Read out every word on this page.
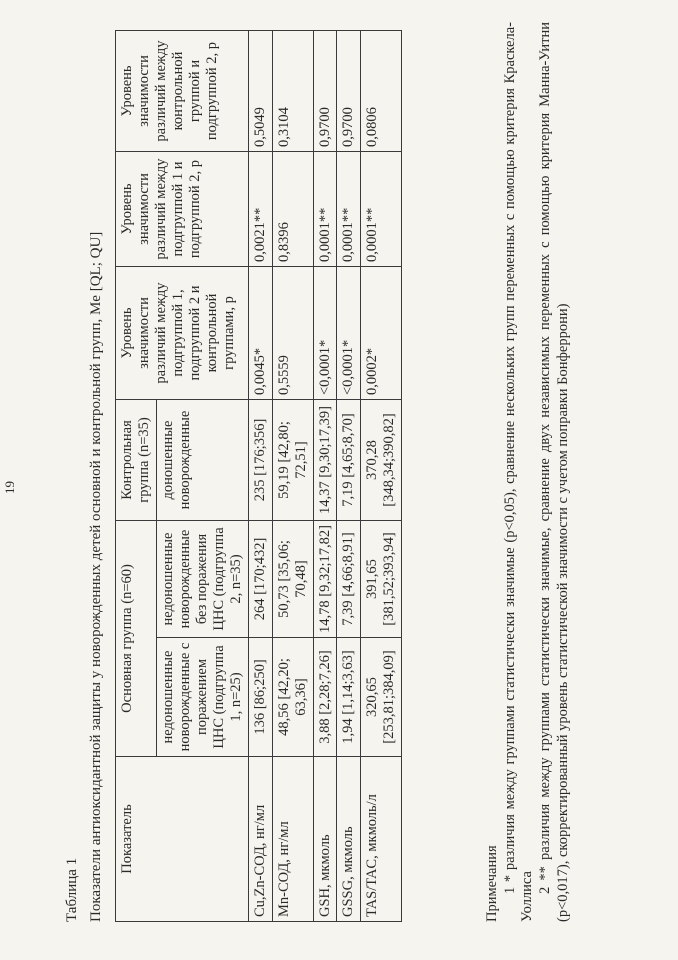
19
Таблица 1 Показатели антиоксидантной защиты у новорожденных детей основной и контрольной групп, Me [QL; QU] Показатель	Основная группа (n=60)		Контрольная группа (n=35)	Уровень значимости различий между подгруппой 1, подгруппой 2 и контрольной группами, р	Уровень значимости различий между подгруппой 1 и подгруппой 2, р	Уровень значимости различий между контрольной группой и подгруппой 2, р
	недоношенные новорожденные с поражением ЦНС (подгруппа 1, n=25)	недоношенные новорожденные без поражения ЦНС (подгруппа 2, n=35)	доношенные новорожденные			
Cu,Zn-СОД, нг/мл	136 [86;250]	264 [170;432]	235 [176;356]	0,0045*	0,0021**	0,5049
Mn-СОД, нг/мл	48,56 [42,20; 63,36]	50,73 [35,06; 70,48]	59,19 [42,80; 72,51]	0,5559	0,8396	0,3104
GSH, мкмоль	3,88 [2,28;7,26]	14,78 [9,32;17,82]	14,37 [9,30;17,39]	<0,0001*	0,0001**	0,9700
GSSG, мкмоль	1,94 [1,14;3,63]	7,39 [4,66;8,91]	7,19 [4,65;8,70]	<0,0001*	0,0001**	0,9700
TAS/TAC, мкмоль/л	320,65 [253,81;384,09]	391,65 [381,52;393,94]	370,28 [348,34;390,82]	0,0002*	0,0001**	0,0806

Примечания 1 * различия между группами статистически значимые (р<0,05), сравнение нескольких групп переменных с помощью критерия Краскела-Уоллиса

2 ** различия между группами статистически значимые, сравнение двух независимых переменных с помощью критерия Манна-Уитни (р<0,017), скорректированный уровень статистической значимости с учетом поправки Бонферрони)
